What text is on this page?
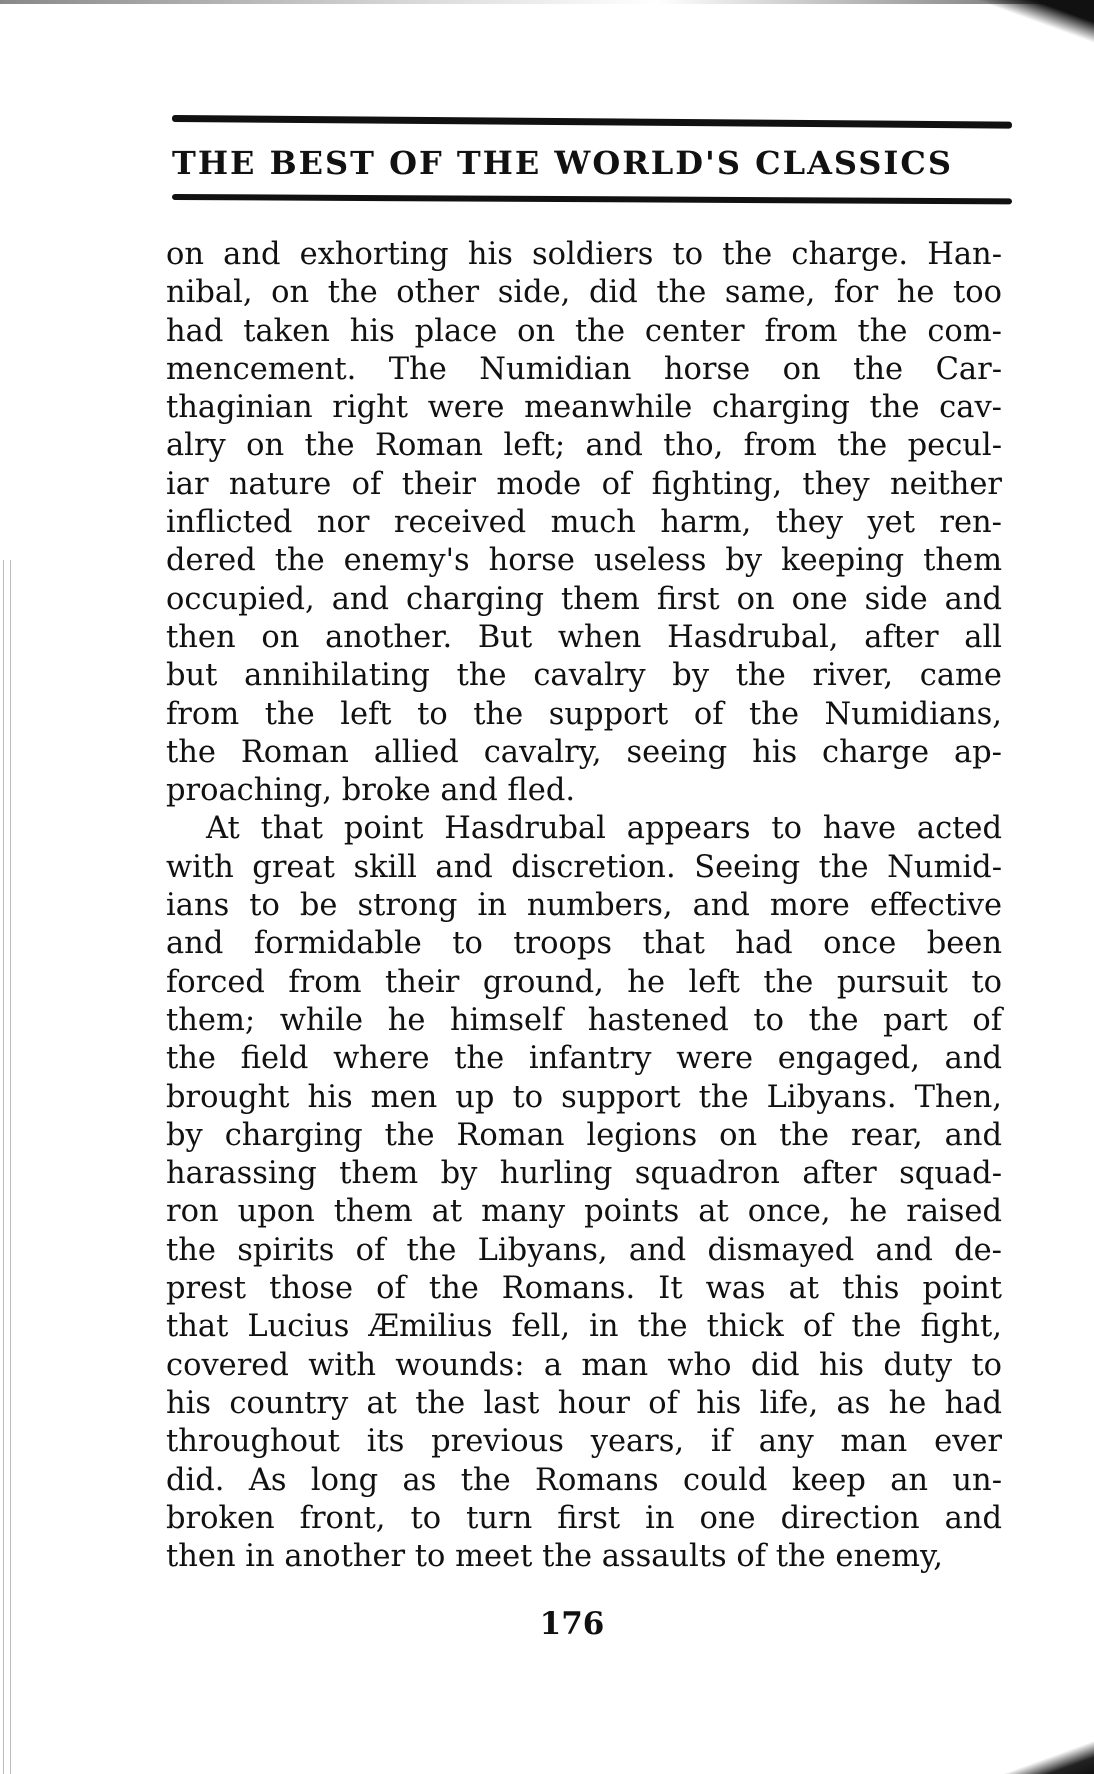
THE BEST OF THE WORLD'S CLASSICS
on and exhorting his soldiers to the charge. Han-
nibal, on the other side, did the same, for he too
had taken his place on the center from the com-
mencement. The Numidian horse on the Car-
thaginian right were meanwhile charging the cav-
alry on the Roman left; and tho, from the pecul-
iar nature of their mode of fighting, they neither
inflicted nor received much harm, they yet ren-
dered the enemy's horse useless by keeping them
occupied, and charging them first on one side and
then on another. But when Hasdrubal, after all
but annihilating the cavalry by the river, came
from the left to the support of the Numidians,
the Roman allied cavalry, seeing his charge ap-
proaching, broke and fled.
At that point Hasdrubal appears to have acted
with great skill and discretion. Seeing the Numid-
ians to be strong in numbers, and more effective
and formidable to troops that had once been
forced from their ground, he left the pursuit to
them; while he himself hastened to the part of
the field where the infantry were engaged, and
brought his men up to support the Libyans. Then,
by charging the Roman legions on the rear, and
harassing them by hurling squadron after squad-
ron upon them at many points at once, he raised
the spirits of the Libyans, and dismayed and de-
prest those of the Romans. It was at this point
that Lucius Æmilius fell, in the thick of the fight,
covered with wounds: a man who did his duty to
his country at the last hour of his life, as he had
throughout its previous years, if any man ever
did. As long as the Romans could keep an un-
broken front, to turn first in one direction and
then in another to meet the assaults of the enemy,
176
